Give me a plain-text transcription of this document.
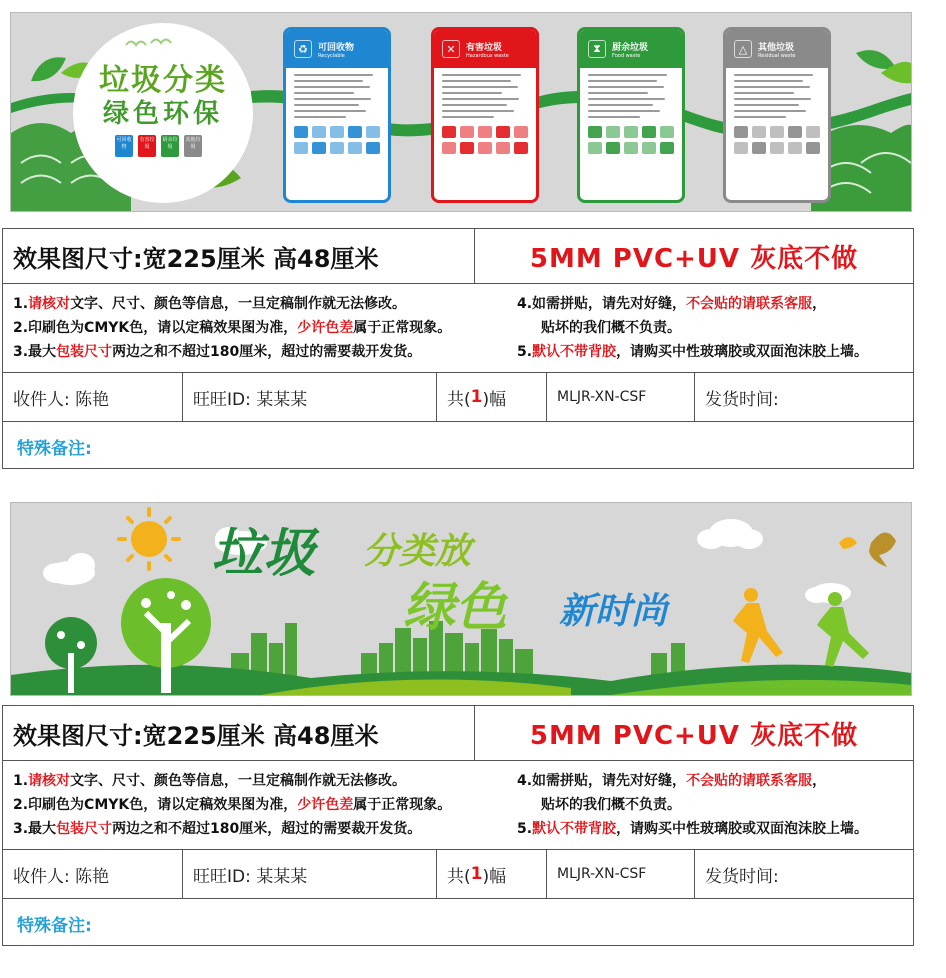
垃圾分类
绿色环保
可回收物
有害垃圾
厨余垃圾
其他垃圾
♻	可回收物
Recyclable	✕	有害垃圾
Hazardous waste
⧗	厨余垃圾
Food waste	△	其他垃圾
Residual waste
效果图尺寸:宽225厘米 高48厘米	5MM PVC+UV 灰底不做
1.请核对文字、尺寸、颜色等信息，一旦定稿制作就无法修改。
2.印刷色为CMYK色，请以定稿效果图为准，少许色差属于正常现象。
3.最大包装尺寸两边之和不超过180厘米，超过的需要裁开发货。
4.如需拼贴，请先对好缝，不会贴的请联系客服，
贴坏的我们概不负责。
5.默认不带背胶，请购买中性玻璃胶或双面泡沫胶上墙。
收件人: 陈艳	旺旺ID: 某某某	共( 1 )幅	MLJR-XN-CSF	发货时间:
特殊备注:
垃圾 分类放
绿色 新时尚
效果图尺寸:宽225厘米 高48厘米	5MM PVC+UV 灰底不做
1.请核对文字、尺寸、颜色等信息，一旦定稿制作就无法修改。
2.印刷色为CMYK色，请以定稿效果图为准，少许色差属于正常现象。
3.最大包装尺寸两边之和不超过180厘米，超过的需要裁开发货。
4.如需拼贴，请先对好缝，不会贴的请联系客服，
贴坏的我们概不负责。
5.默认不带背胶，请购买中性玻璃胶或双面泡沫胶上墙。
收件人: 陈艳	旺旺ID: 某某某	共( 1 )幅	MLJR-XN-CSF	发货时间:
特殊备注:
